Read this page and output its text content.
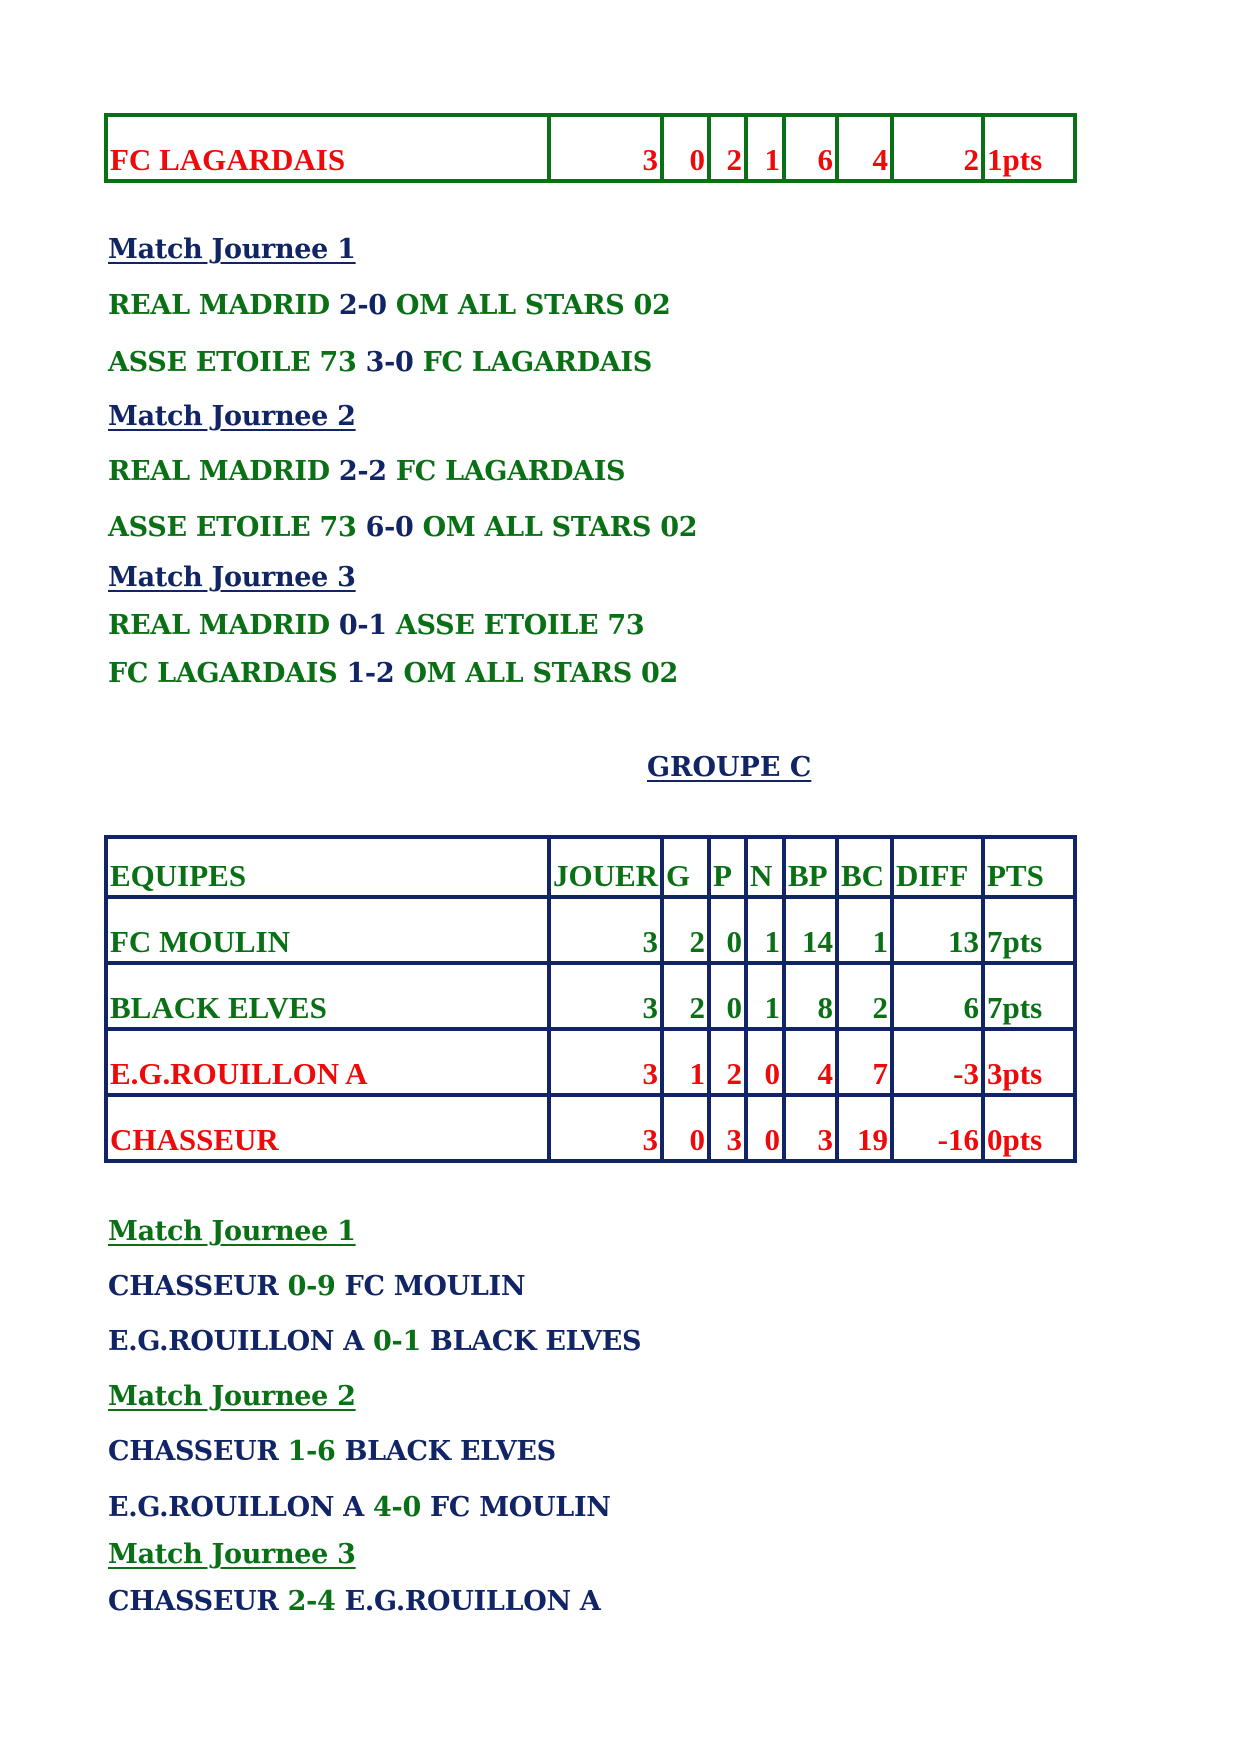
FC LAGARDAIS	3	0	2	1	6	4	2	1pts
Match Journee 1
REAL MADRID 2-0 OM ALL STARS 02
ASSE ETOILE 73 3-0 FC LAGARDAIS
Match Journee 2
REAL MADRID 2-2 FC LAGARDAIS
ASSE ETOILE 73 6-0 OM ALL STARS 02
Match Journee 3
REAL MADRID 0-1 ASSE ETOILE 73
FC LAGARDAIS 1-2 OM ALL STARS 02
GROUPE C
EQUIPES	JOUER	G	P	N	BP	BC	DIFF	PTS
FC MOULIN	3	2	0	1	14	1	13	7pts
BLACK ELVES	3	2	0	1	8	2	6	7pts
E.G.ROUILLON A	3	1	2	0	4	7	-3	3pts
CHASSEUR	3	0	3	0	3	19	-16	0pts
Match Journee 1
CHASSEUR 0-9 FC MOULIN
E.G.ROUILLON A 0-1 BLACK ELVES
Match Journee 2
CHASSEUR 1-6 BLACK ELVES
E.G.ROUILLON A 4-0 FC MOULIN
Match Journee 3
CHASSEUR 2-4 E.G.ROUILLON A
